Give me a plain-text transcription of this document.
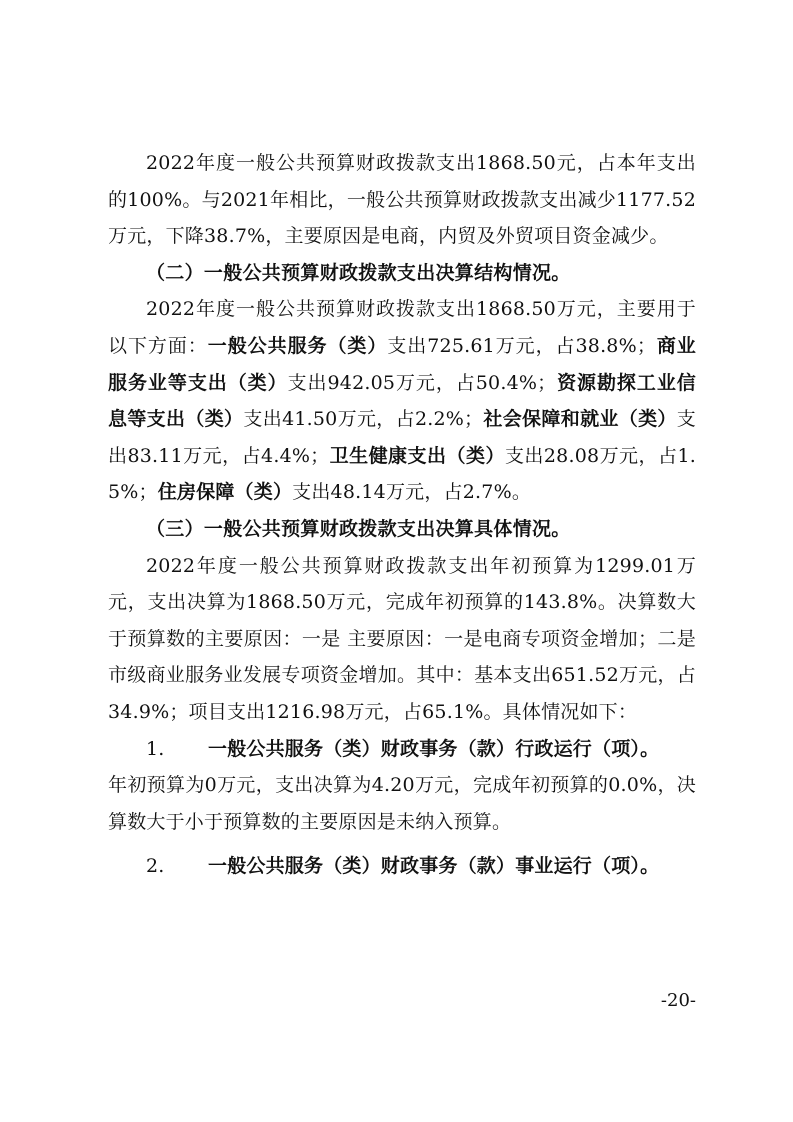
2022年度一般公共预算财政拨款支出1868.50元，占本年支出的100%。与2021年相比，一般公共预算财政拨款支出减少1177.52万元，下降38.7%，主要原因是电商，内贸及外贸项目资金减少。

（二）一般公共预算财政拨款支出决算结构情况。

2022年度一般公共预算财政拨款支出1868.50万元，主要用于以下方面：一般公共服务（类）支出725.61万元，占38.8%；商业服务业等支出（类）支出942.05万元，占50.4%；资源勘探工业信息等支出（类）支出41.50万元，占2.2%；社会保障和就业（类）支出83.11万元，占4.4%；卫生健康支出（类）支出28.08万元，占1.5%；住房保障（类）支出48.14万元，占2.7%。

（三）一般公共预算财政拨款支出决算具体情况。

2022年度一般公共预算财政拨款支出年初预算为1299.01万元，支出决算为1868.50万元，完成年初预算的143.8%。决算数大于预算数的主要原因：一是 主要原因：一是电商专项资金增加；二是市级商业服务业发展专项资金增加。其中：基本支出651.52万元，占34.9%；项目支出1216.98万元，占65.1%。具体情况如下：

1. 一般公共服务（类）财政事务（款）行政运行（项）。

年初预算为0万元，支出决算为4.20万元，完成年初预算的0.0%，决算数大于小于预算数的主要原因是未纳入预算。

2. 一般公共服务（类）财政事务（款）事业运行（项）。

-20-
